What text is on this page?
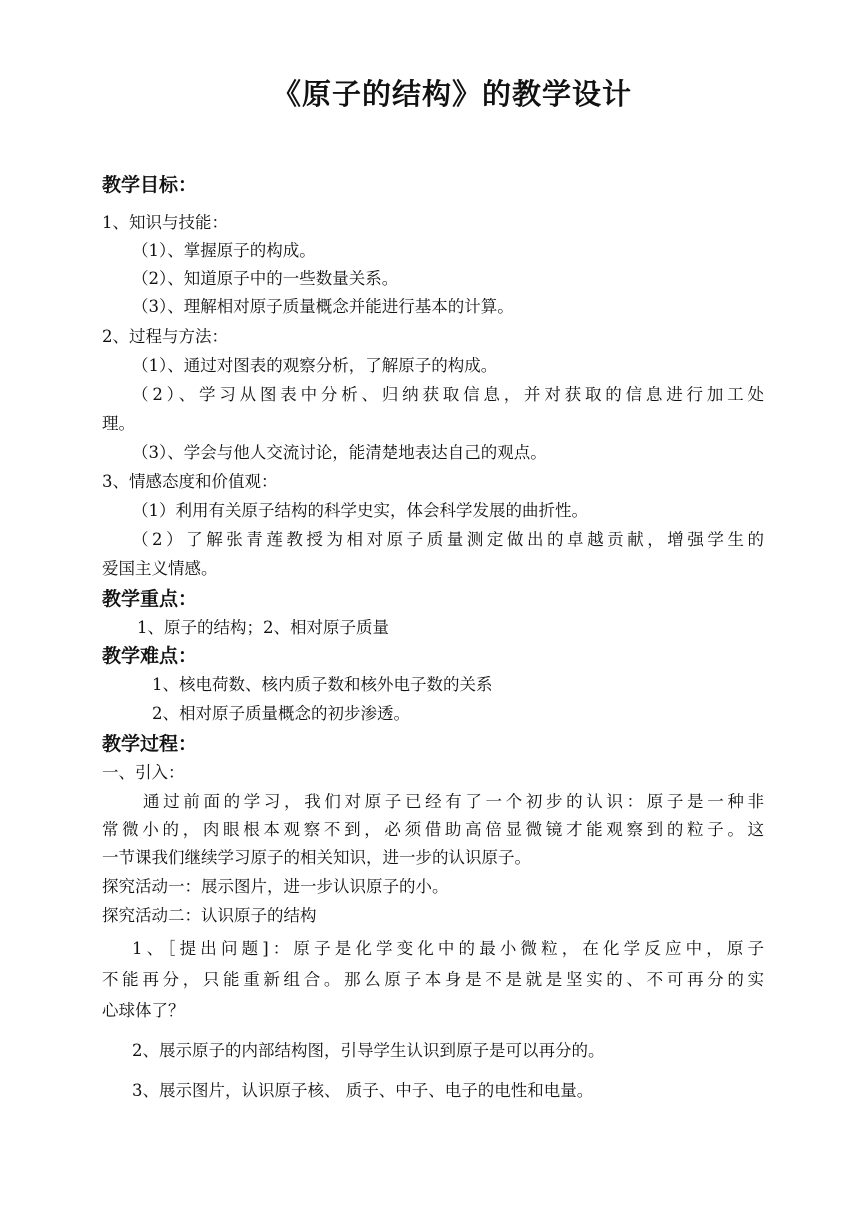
《原子的结构》的教学设计
教学目标：
1、知识与技能：
（1）、掌握原子的构成。
（2）、知道原子中的一些数量关系。
（3）、理解相对原子质量概念并能进行基本的计算。
2、过程与方法：
（1）、通过对图表的观察分析，了解原子的构成。
（2）、学习从图表中分析、归纳获取信息，并对获取的信息进行加工处
理。
（3）、学会与他人交流讨论，能清楚地表达自己的观点。
3、情感态度和价值观：
（1）利用有关原子结构的科学史实，体会科学发展的曲折性。
（2）了解张青莲教授为相对原子质量测定做出的卓越贡献，增强学生的
爱国主义情感。
教学重点：
1、原子的结构；2、相对原子质量
教学难点：
1、核电荷数、核内质子数和核外电子数的关系
2、相对原子质量概念的初步渗透。
教学过程：
一、引入：
通过前面的学习，我们对原子已经有了一个初步的认识：原子是一种非
常微小的，肉眼根本观察不到，必须借助高倍显微镜才能观察到的粒子。这
一节课我们继续学习原子的相关知识，进一步的认识原子。
探究活动一：展示图片，进一步认识原子的小。
探究活动二：认识原子的结构
1、［提出问题]：原子是化学变化中的最小微粒，在化学反应中，原子
不能再分，只能重新组合。那么原子本身是不是就是坚实的、不可再分的实
心球体了？
2、展示原子的内部结构图，引导学生认识到原子是可以再分的。
3、展示图片，认识原子核、 质子、中子、电子的电性和电量。
